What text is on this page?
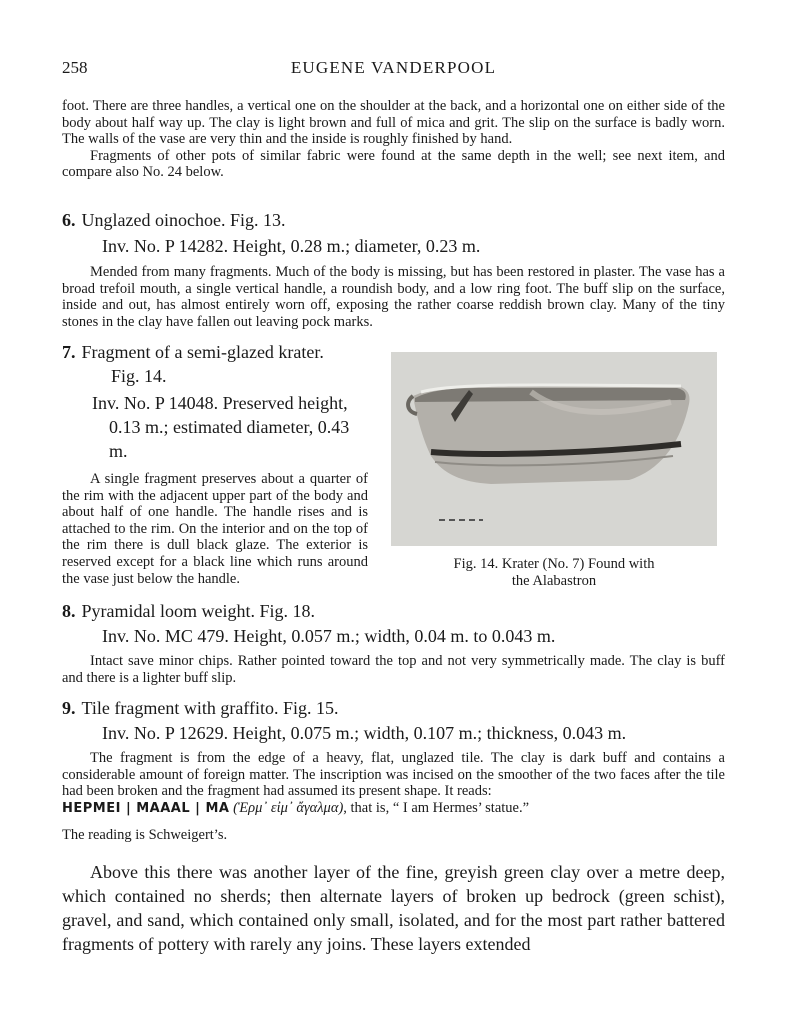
258	EUGENE VANDERPOOL
foot. There are three handles, a vertical one on the shoulder at the back, and a horizontal one on either side of the body about half way up. The clay is light brown and full of mica and grit. The slip on the surface is badly worn. The walls of the vase are very thin and the inside is roughly finished by hand.
Fragments of other pots of similar fabric were found at the same depth in the well; see next item, and compare also No. 24 below.
6. Unglazed oinochoe. Fig. 13.
Inv. No. P 14282. Height, 0.28 m.; diameter, 0.23 m.
Mended from many fragments. Much of the body is missing, but has been restored in plaster. The vase has a broad trefoil mouth, a single vertical handle, a roundish body, and a low ring foot. The buff slip on the surface, inside and out, has almost entirely worn off, exposing the rather coarse reddish brown clay. Many of the tiny stones in the clay have fallen out leaving pock marks.
7. Fragment of a semi-glazed krater.
Fig. 14.
Inv. No. P 14048. Preserved height,
0.13 m.; estimated diameter, 0.43
m.
A single fragment preserves about a quarter of the rim with the adjacent upper part of the body and about half of one handle. The handle rises and is attached to the rim. On the interior and on the top of the rim there is dull black glaze. The exterior is reserved except for a black line which runs around the vase just below the handle.
Fig. 14. Krater (No. 7) Found with
the Alabastron
8. Pyramidal loom weight. Fig. 18.
Inv. No. MC 479. Height, 0.057 m.; width, 0.04 m. to 0.043 m.
Intact save minor chips. Rather pointed toward the top and not very symmetrically made. The clay is buff and there is a lighter buff slip.
9. Tile fragment with graffito. Fig. 15.
Inv. No. P 12629. Height, 0.075 m.; width, 0.107 m.; thickness, 0.043 m.
The fragment is from the edge of a heavy, flat, unglazed tile. The clay is dark buff and contains a considerable amount of foreign matter. The inscription was incised on the smoother of the two faces after the tile had been broken and the fragment had assumed its present shape. It reads:
HEPMEI | MAAAL | MA (Ἑρμ᾽ εἰμ᾽ ἄγαλμα), that is, “ I am Hermes’ statue.”
The reading is Schweigert’s.
Above this there was another layer of the fine, greyish green clay over a metre deep, which contained no sherds; then alternate layers of broken up bedrock (green schist), gravel, and sand, which contained only small, isolated, and for the most part rather battered fragments of pottery with rarely any joins. These layers extended
